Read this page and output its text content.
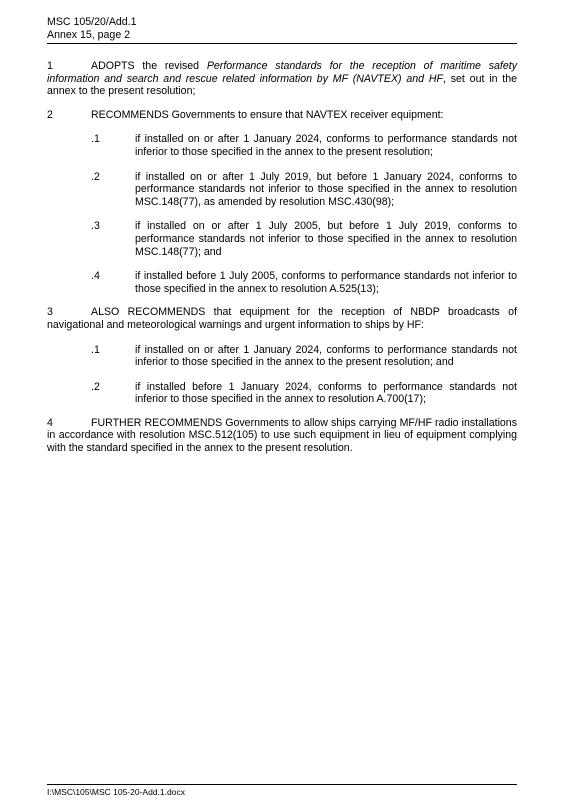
MSC 105/20/Add.1
Annex 15, page 2

1	ADOPTS the revised Performance standards for the reception of maritime safety information and search and rescue related information by MF (NAVTEX) and HF, set out in the annex to the present resolution;

2	RECOMMENDS Governments to ensure that NAVTEX receiver equipment:

.1	if installed on or after 1 January 2024, conforms to performance standards not inferior to those specified in the annex to the present resolution;
.2	if installed on or after 1 July 2019, but before 1 January 2024, conforms to performance standards not inferior to those specified in the annex to resolution MSC.148(77), as amended by resolution MSC.430(98);
.3	if installed on or after 1 July 2005, but before 1 July 2019, conforms to performance standards not inferior to those specified in the annex to resolution MSC.148(77); and
.4	if installed before 1 July 2005, conforms to performance standards not inferior to those specified in the annex to resolution A.525(13);

3	ALSO RECOMMENDS that equipment for the reception of NBDP broadcasts of navigational and meteorological warnings and urgent information to ships by HF:

.1	if installed on or after 1 January 2024, conforms to performance standards not inferior to those specified in the annex to the present resolution; and
.2	if installed before 1 January 2024, conforms to performance standards not inferior to those specified in the annex to resolution A.700(17);

4	FURTHER RECOMMENDS Governments to allow ships carrying MF/HF radio installations in accordance with resolution MSC.512(105) to use such equipment in lieu of equipment complying with the standard specified in the annex to the present resolution.

I:\MSC\105\MSC 105-20-Add.1.docx
